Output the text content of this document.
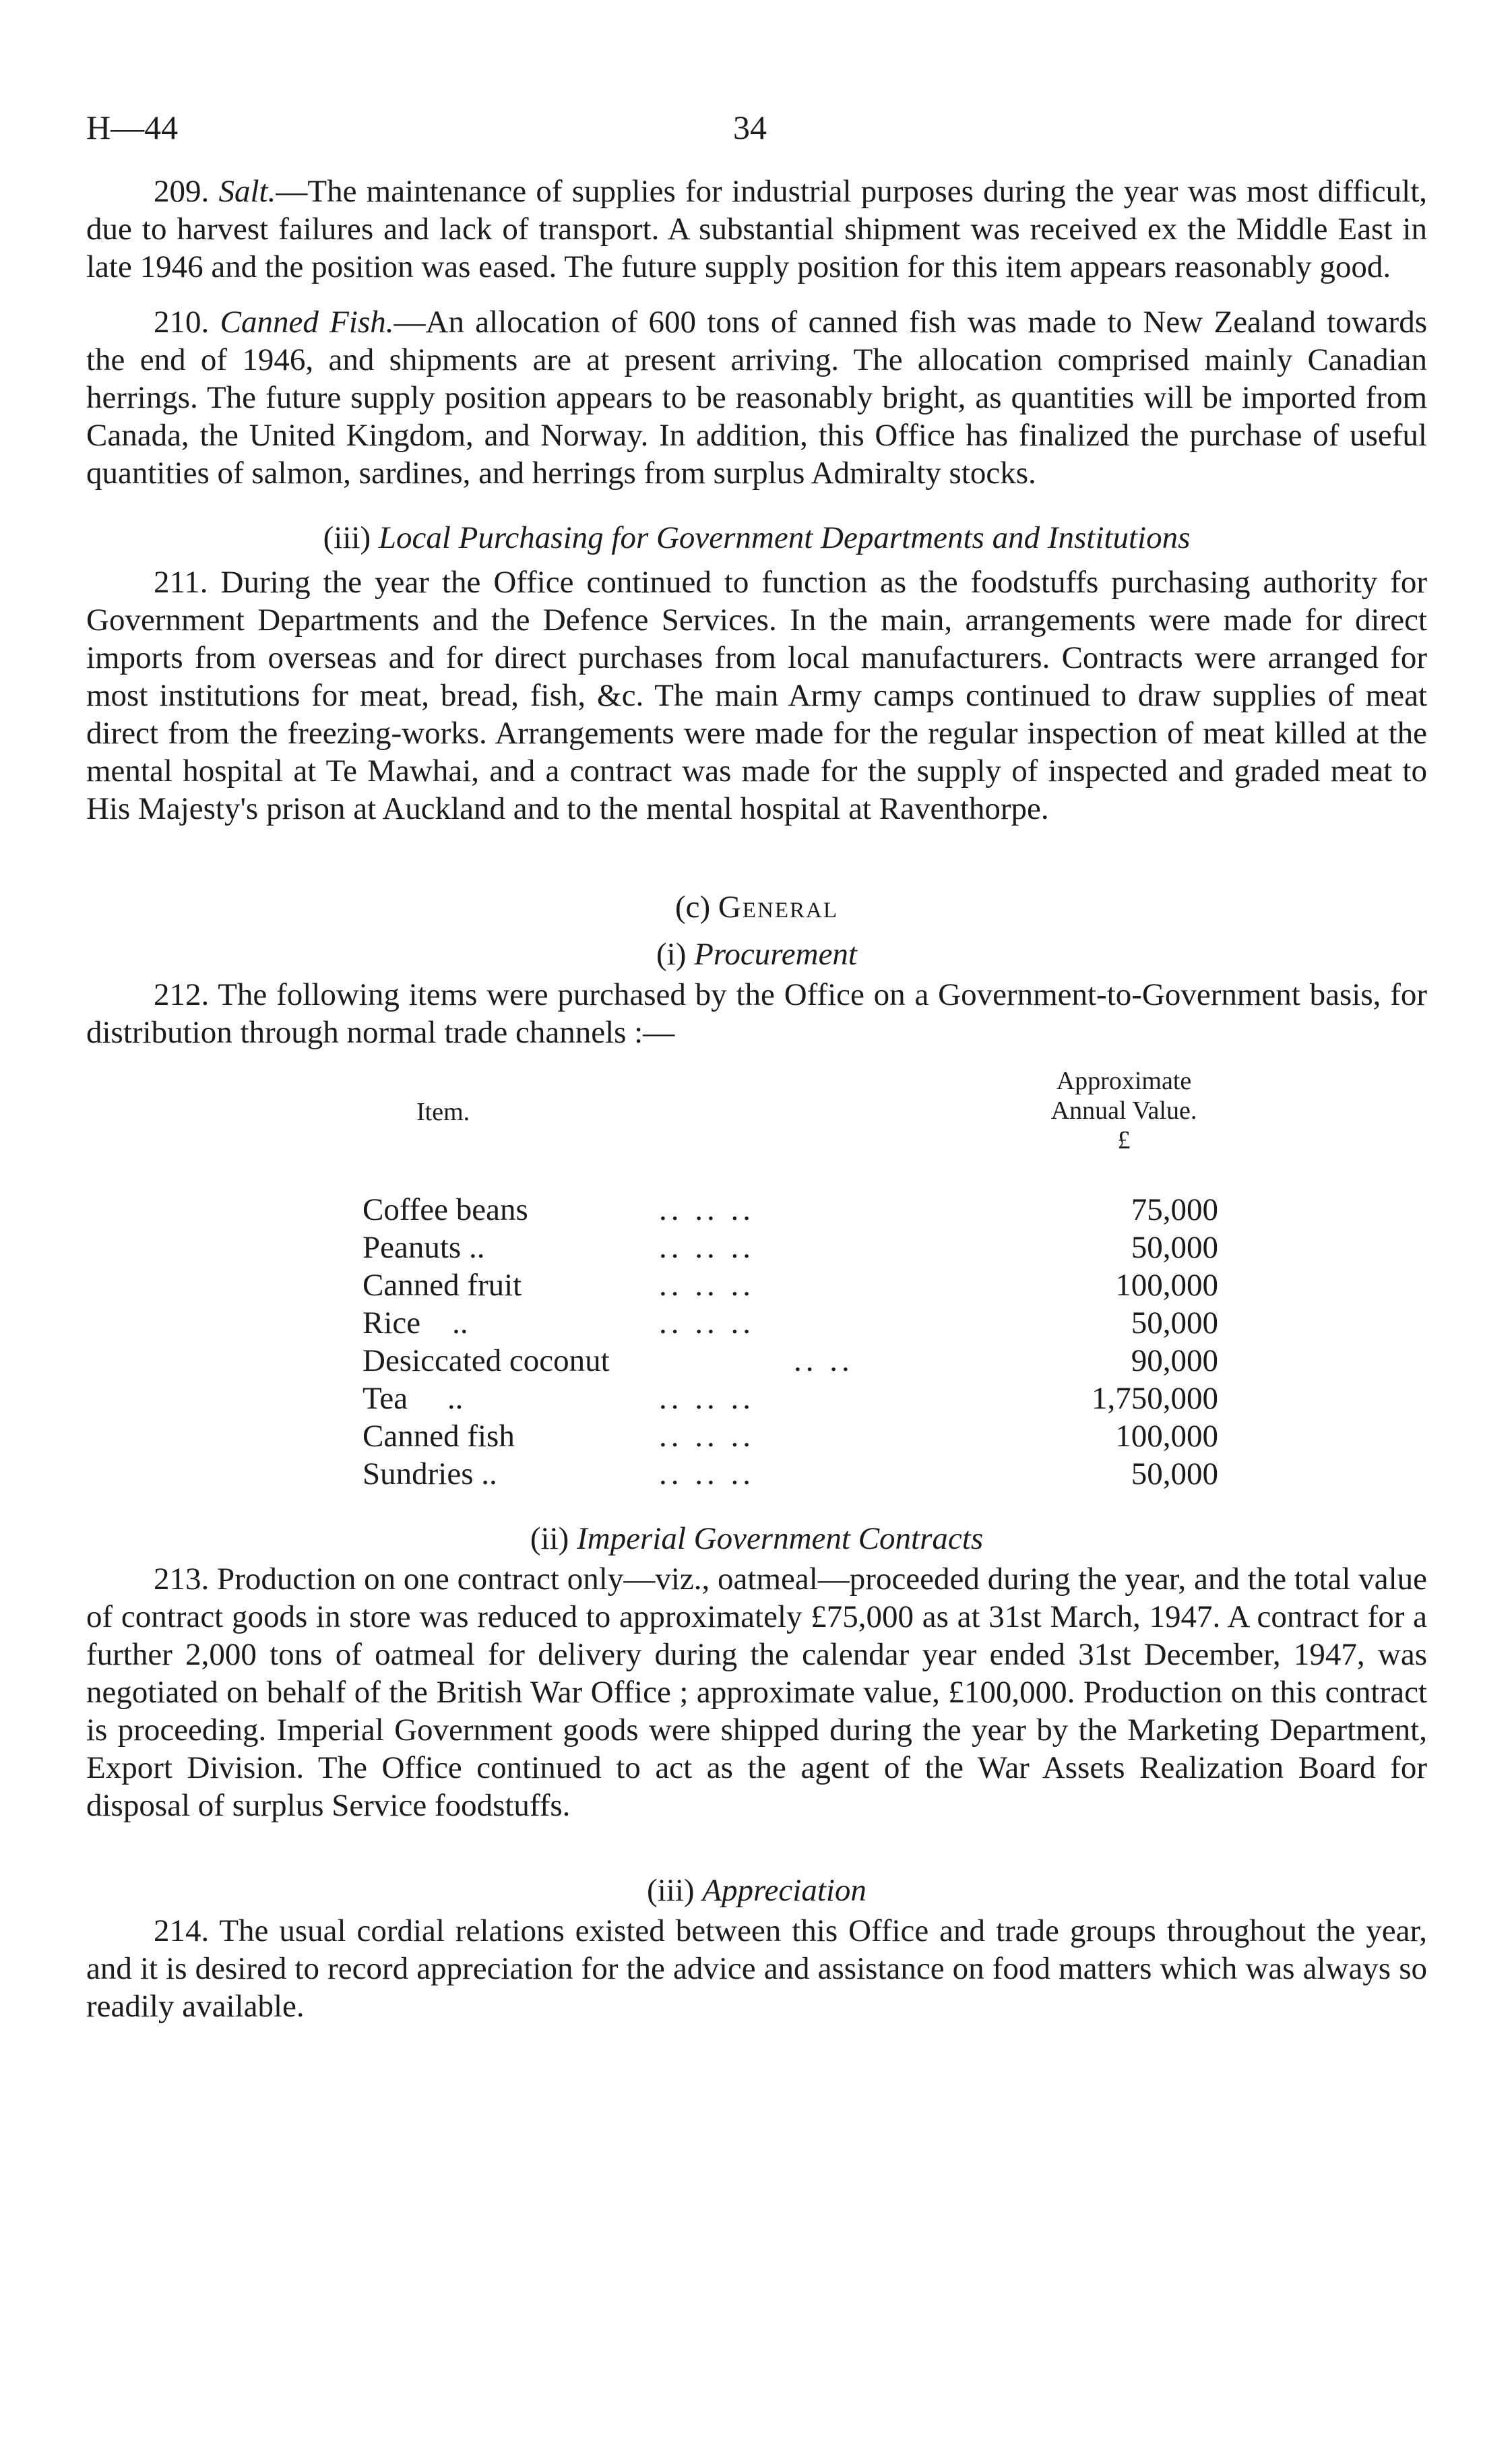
H—44	34

209. Salt.—The maintenance of supplies for industrial purposes during the year was most difficult, due to harvest failures and lack of transport. A substantial shipment was received ex the Middle East in late 1946 and the position was eased. The future supply position for this item appears reasonably good.

210. Canned Fish.—An allocation of 600 tons of canned fish was made to New Zealand towards the end of 1946, and shipments are at present arriving. The allocation comprised mainly Canadian herrings. The future supply position appears to be reasonably bright, as quantities will be imported from Canada, the United Kingdom, and Norway. In addition, this Office has finalized the purchase of useful quantities of salmon, sardines, and herrings from surplus Admiralty stocks.

(iii) Local Purchasing for Government Departments and Institutions

211. During the year the Office continued to function as the foodstuffs purchasing authority for Government Departments and the Defence Services. In the main, arrangements were made for direct imports from overseas and for direct purchases from local manufacturers. Contracts were arranged for most institutions for meat, bread, fish, &c. The main Army camps continued to draw supplies of meat direct from the freezing-works. Arrangements were made for the regular inspection of meat killed at the mental hospital at Te Mawhai, and a contract was made for the supply of inspected and graded meat to His Majesty's prison at Auckland and to the mental hospital at Raventhorpe.

(c) General

(i) Procurement

212. The following items were purchased by the Office on a Government-to-Government basis, for distribution through normal trade channels :—

Item.
Approximate
Annual Value.
£
Coffee beans	.. .. ..	75,000
Peanuts ..	.. .. ..	50,000
Canned fruit	.. .. ..	100,000
Rice    ..	.. .. ..	50,000
Desiccated coconut	.. ..	90,000
Tea     ..	.. .. ..	1,750,000
Canned fish	.. .. ..	100,000
Sundries ..	.. .. ..	50,000

(ii) Imperial Government Contracts

213. Production on one contract only—viz., oatmeal—proceeded during the year, and the total value of contract goods in store was reduced to approximately £75,000 as at 31st March, 1947. A contract for a further 2,000 tons of oatmeal for delivery during the calendar year ended 31st December, 1947, was negotiated on behalf of the British War Office ; approximate value, £100,000. Production on this contract is proceeding. Imperial Government goods were shipped during the year by the Marketing Department, Export Division. The Office continued to act as the agent of the War Assets Realization Board for disposal of surplus Service foodstuffs.

(iii) Appreciation

214. The usual cordial relations existed between this Office and trade groups throughout the year, and it is desired to record appreciation for the advice and assistance on food matters which was always so readily available.
